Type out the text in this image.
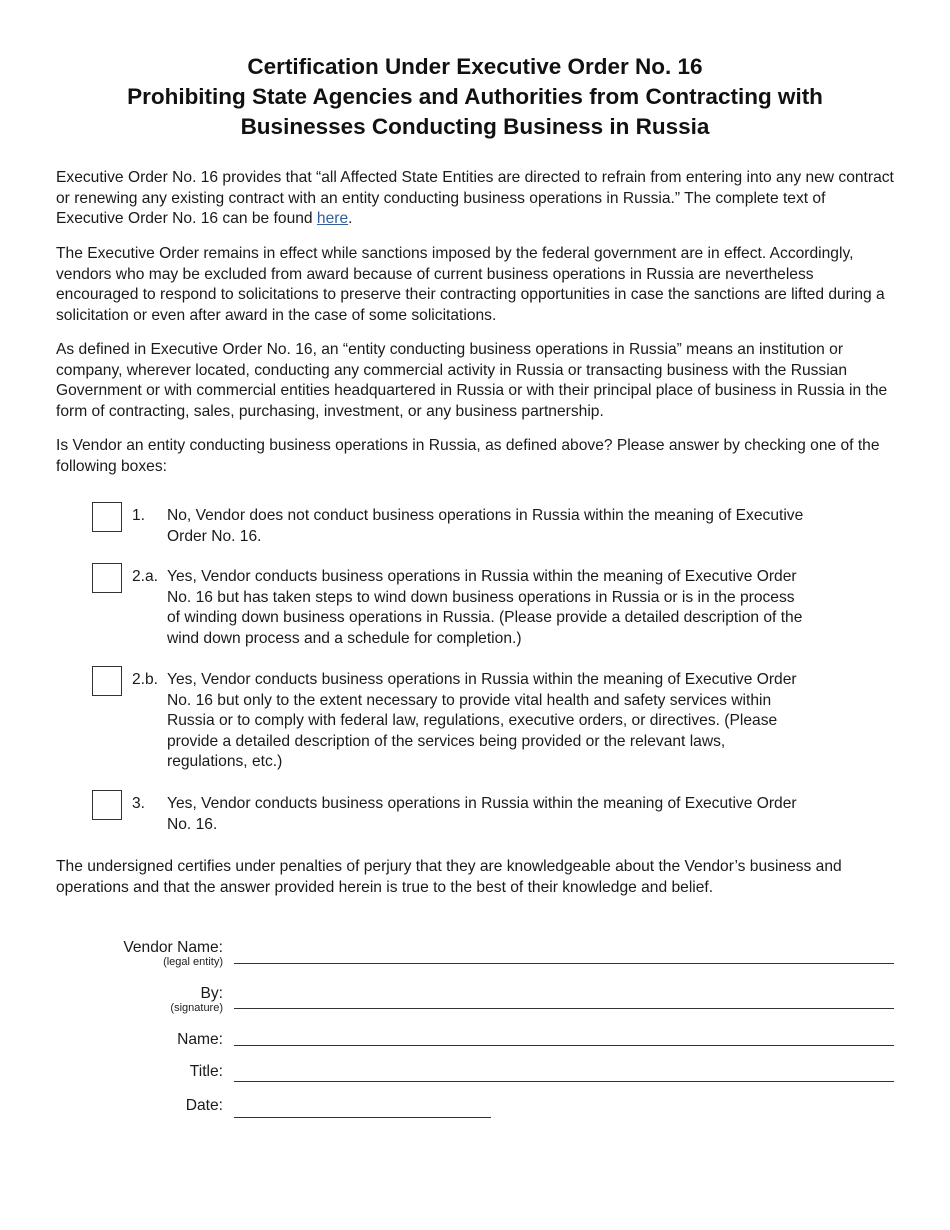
Certification Under Executive Order No. 16
Prohibiting State Agencies and Authorities from Contracting with
Businesses Conducting Business in Russia
Executive Order No. 16 provides that “all Affected State Entities are directed to refrain from entering into any new contract or renewing any existing contract with an entity conducting business operations in Russia.” The complete text of Executive Order No. 16 can be found here.
The Executive Order remains in effect while sanctions imposed by the federal government are in effect. Accordingly, vendors who may be excluded from award because of current business operations in Russia are nevertheless encouraged to respond to solicitations to preserve their contracting opportunities in case the sanctions are lifted during a solicitation or even after award in the case of some solicitations.
As defined in Executive Order No. 16, an “entity conducting business operations in Russia” means an institution or company, wherever located, conducting any commercial activity in Russia or transacting business with the Russian Government or with commercial entities headquartered in Russia or with their principal place of business in Russia in the form of contracting, sales, purchasing, investment, or any business partnership.
Is Vendor an entity conducting business operations in Russia, as defined above? Please answer by checking one of the following boxes:
1. No, Vendor does not conduct business operations in Russia within the meaning of Executive Order No. 16.
2.a. Yes, Vendor conducts business operations in Russia within the meaning of Executive Order No. 16 but has taken steps to wind down business operations in Russia or is in the process of winding down business operations in Russia. (Please provide a detailed description of the wind down process and a schedule for completion.)
2.b. Yes, Vendor conducts business operations in Russia within the meaning of Executive Order No. 16 but only to the extent necessary to provide vital health and safety services within Russia or to comply with federal law, regulations, executive orders, or directives. (Please provide a detailed description of the services being provided or the relevant laws, regulations, etc.)
3. Yes, Vendor conducts business operations in Russia within the meaning of Executive Order No. 16.
The undersigned certifies under penalties of perjury that they are knowledgeable about the Vendor’s business and operations and that the answer provided herein is true to the best of their knowledge and belief.
Vendor Name:
(legal entity)
By:
(signature)
Name:
Title:
Date:
